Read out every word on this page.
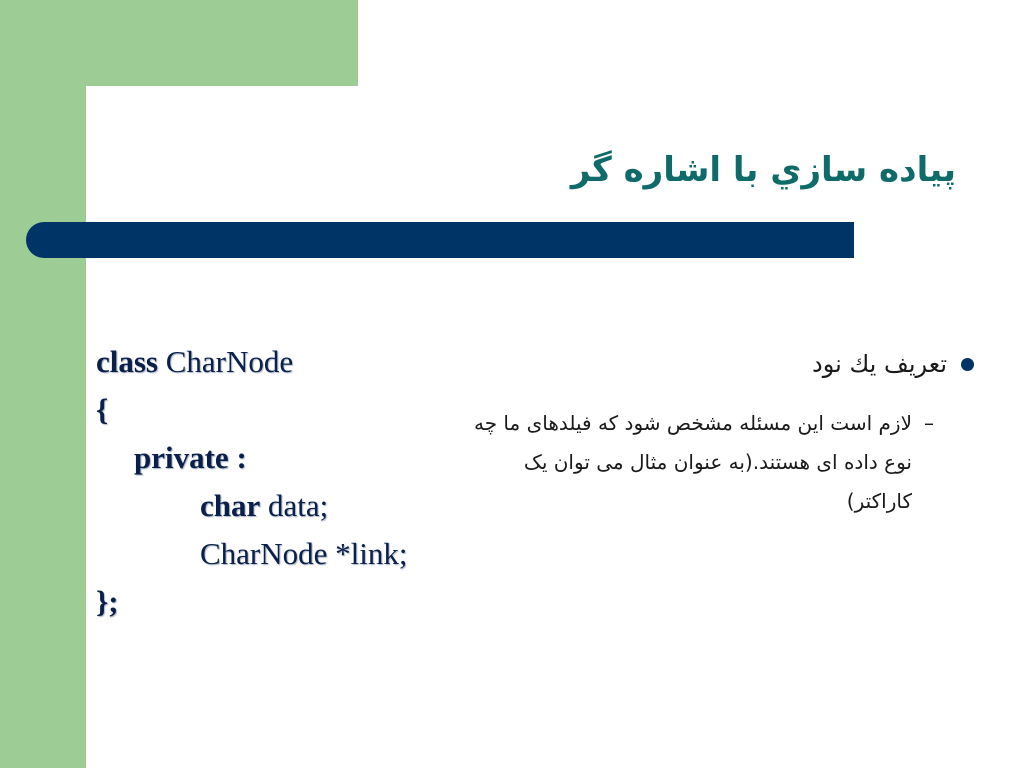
پیاده سازي با اشاره گر
class CharNode
{
private :
char data;
CharNode *link;
};
تعریف يك نود
–
لازم است این مسئله مشخص شود که فیلدهای ما چه نوع داده ای هستند.(به عنوان مثال می توان یک کاراکتر)
